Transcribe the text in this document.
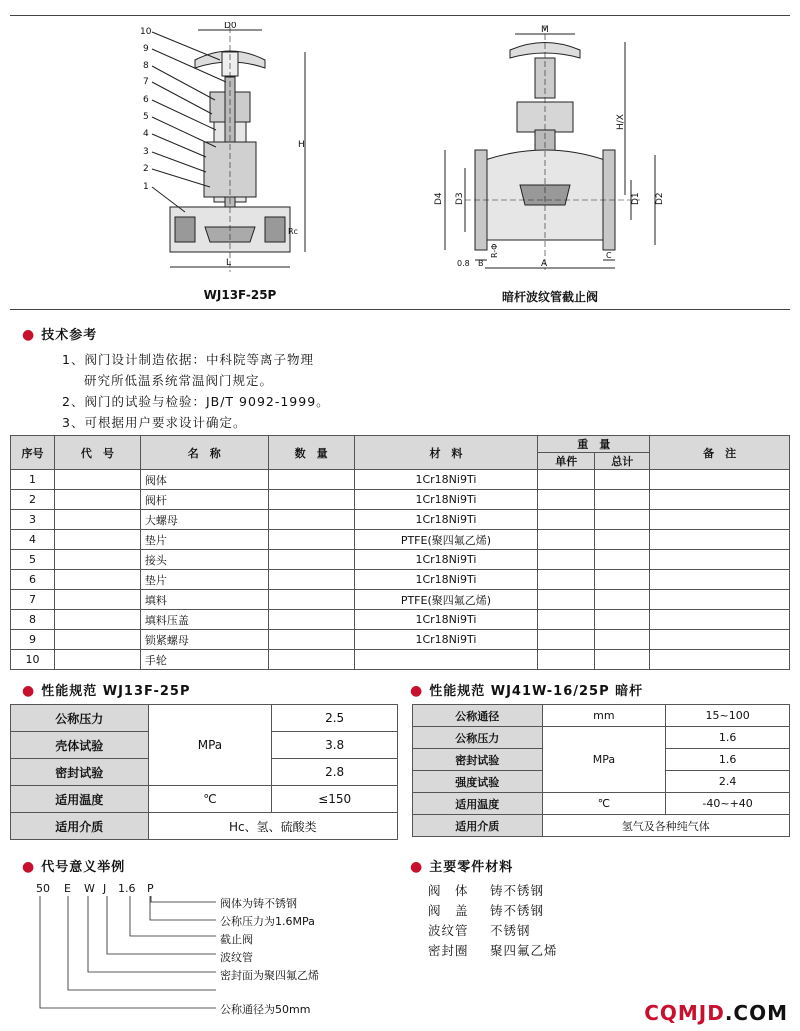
D0
H
Rc
L
10
9
8
7
6
5
4
3
2
1
WJ13F-25P
M
H/X
D4 D3	D1 D2
R-Φ
A
B
C
0.8
暗杆波纹管截止阀
● 技术参考
1、阀门设计制造依据：中科院等离子物理
研究所低温系统常温阀门规定。
2、阀门的试验与检验：JB/T 9092-1999。
3、可根据用户要求设计确定。
序号	代　号	名　称	数　量	材　料	重　量		备　注
					单件	总计	
1		阀体		1Cr18Ni9Ti			
2		阀杆		1Cr18Ni9Ti			
3		大螺母		1Cr18Ni9Ti			
4		垫片		PTFE(聚四氟乙烯)			
5		接头		1Cr18Ni9Ti			
6		垫片		1Cr18Ni9Ti			
7		填料		PTFE(聚四氟乙烯)			
8		填料压盖		1Cr18Ni9Ti			
9		锁紧螺母		1Cr18Ni9Ti			
10		手轮					
● 性能规范 WJ13F-25P
公称压力	MPa	2.5
壳体试验		3.8
密封试验		2.8
适用温度	℃	≤150
适用介质	Hc、氢、硫酸类	
● 性能规范 WJ41W-16/25P 暗杆
公称通径	mm	15~100
公称压力	MPa	1.6
密封试验		1.6
强度试验		2.4
适用温度	℃	-40~+40
适用介质	氢气及各种纯气体	
● 代号意义举例
50 E W J 1.6 P
阀体为铸不锈钢
公称压力为1.6MPa
截止阀
波纹管
密封面为聚四氟乙烯
公称通径为50mm
● 主要零件材料
阀　体 铸不锈钢
阀　盖 铸不锈钢
波纹管 不锈钢
密封圈 聚四氟乙烯
CQMJD.COM
